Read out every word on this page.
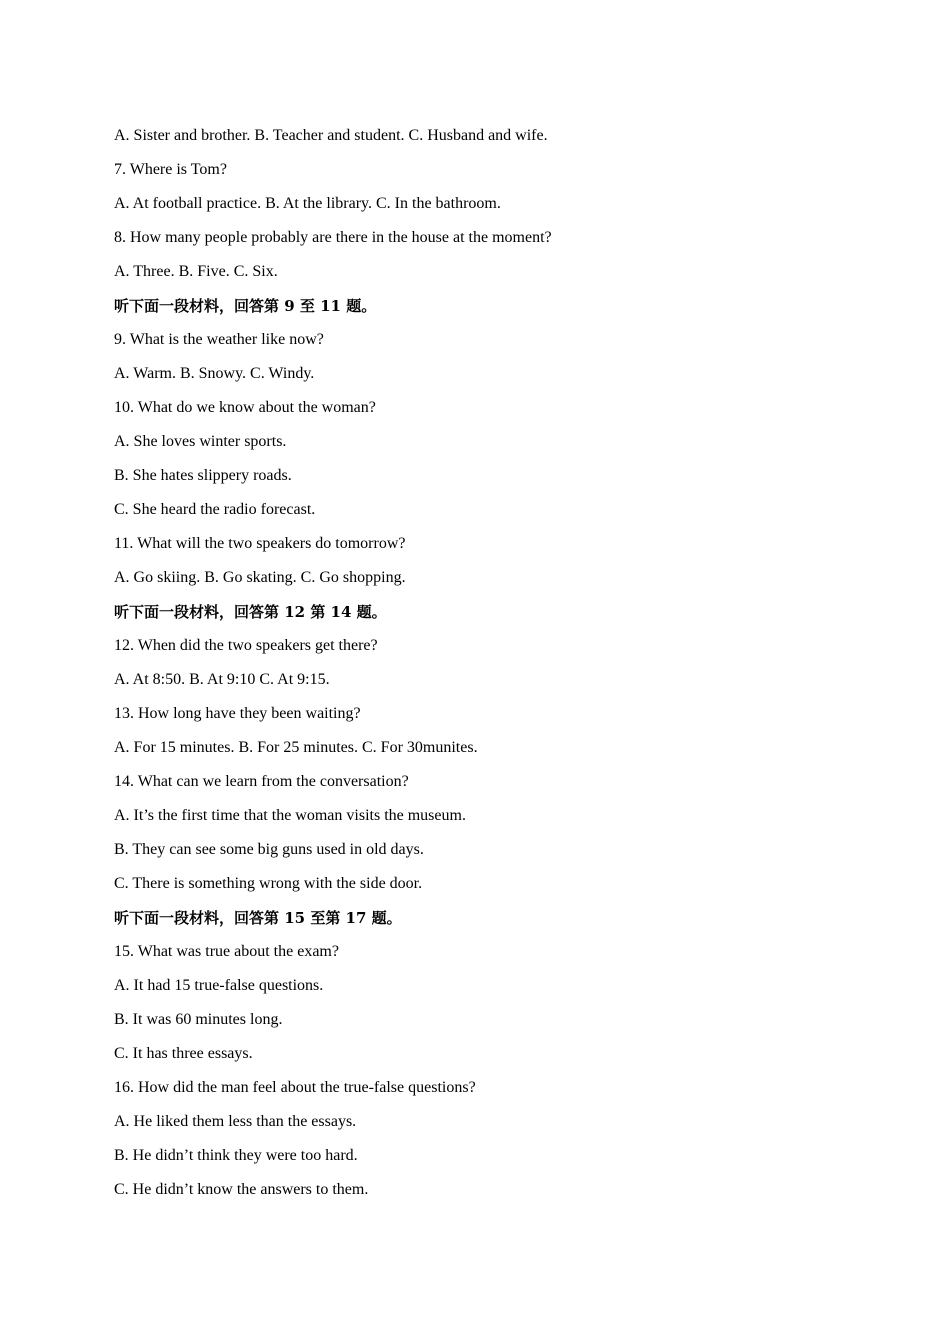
A. Sister and brother. B. Teacher and student. C. Husband and wife.
7. Where is Tom?
A. At football practice. B. At the library. C. In the bathroom.
8. How many people probably are there in the house at the moment?
A. Three. B. Five. C. Six.
听下面一段材料，回答第 9 至 11 题。
9. What is the weather like now?
A. Warm. B. Snowy. C. Windy.
10. What do we know about the woman?
A. She loves winter sports.
B. She hates slippery roads.
C. She heard the radio forecast.
11. What will the two speakers do tomorrow?
A. Go skiing. B. Go skating. C. Go shopping.
听下面一段材料，回答第 12 第 14 题。
12. When did the two speakers get there?
A. At 8:50. B. At 9:10 C. At 9:15.
13. How long have they been waiting?
A. For 15 minutes. B. For 25 minutes. C. For 30munites.
14. What can we learn from the conversation?
A. It’s the first time that the woman visits the museum.
B. They can see some big guns used in old days.
C. There is something wrong with the side door.
听下面一段材料，回答第 15 至第 17 题。
15. What was true about the exam?
A. It had 15 true-false questions.
B. It was 60 minutes long.
C. It has three essays.
16. How did the man feel about the true-false questions?
A. He liked them less than the essays.
B. He didn’t think they were too hard.
C. He didn’t know the answers to them.
